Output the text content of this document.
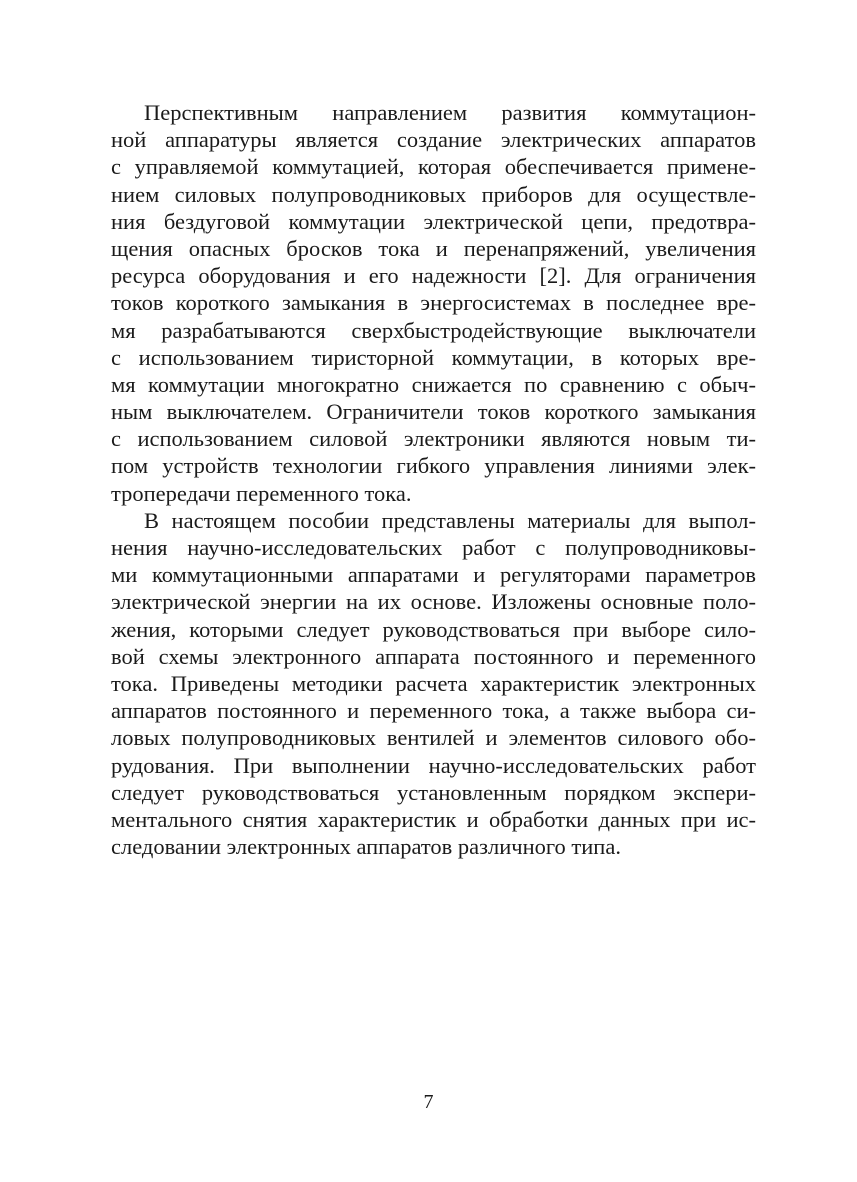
Перспективным направлением развития коммутацион-
ной аппаратуры является создание электрических аппаратов
с управляемой коммутацией, которая обеспечивается примене-
нием силовых полупроводниковых приборов для осуществле-
ния бездуговой коммутации электрической цепи, предотвра-
щения опасных бросков тока и перенапряжений, увеличения
ресурса оборудования и его надежности [2]. Для ограничения
токов короткого замыкания в энергосистемах в последнее вре-
мя разрабатываются сверхбыстродействующие выключатели
с использованием тиристорной коммутации, в которых вре-
мя коммутации многократно снижается по сравнению с обыч-
ным выключателем. Ограничители токов короткого замыкания
с использованием силовой электроники являются новым ти-
пом устройств технологии гибкого управления линиями элек-
тропередачи переменного тока.
В настоящем пособии представлены материалы для выпол-
нения научно-исследовательских работ с полупроводниковы-
ми коммутационными аппаратами и регуляторами параметров
электрической энергии на их основе. Изложены основные поло-
жения, которыми следует руководствоваться при выборе сило-
вой схемы электронного аппарата постоянного и переменного
тока. Приведены методики расчета характеристик электронных
аппаратов постоянного и переменного тока, а также выбора си-
ловых полупроводниковых вентилей и элементов силового обо-
рудования. При выполнении научно-исследовательских работ
следует руководствоваться установленным порядком экспери-
ментального снятия характеристик и обработки данных при ис-
следовании электронных аппаратов различного типа.
7
